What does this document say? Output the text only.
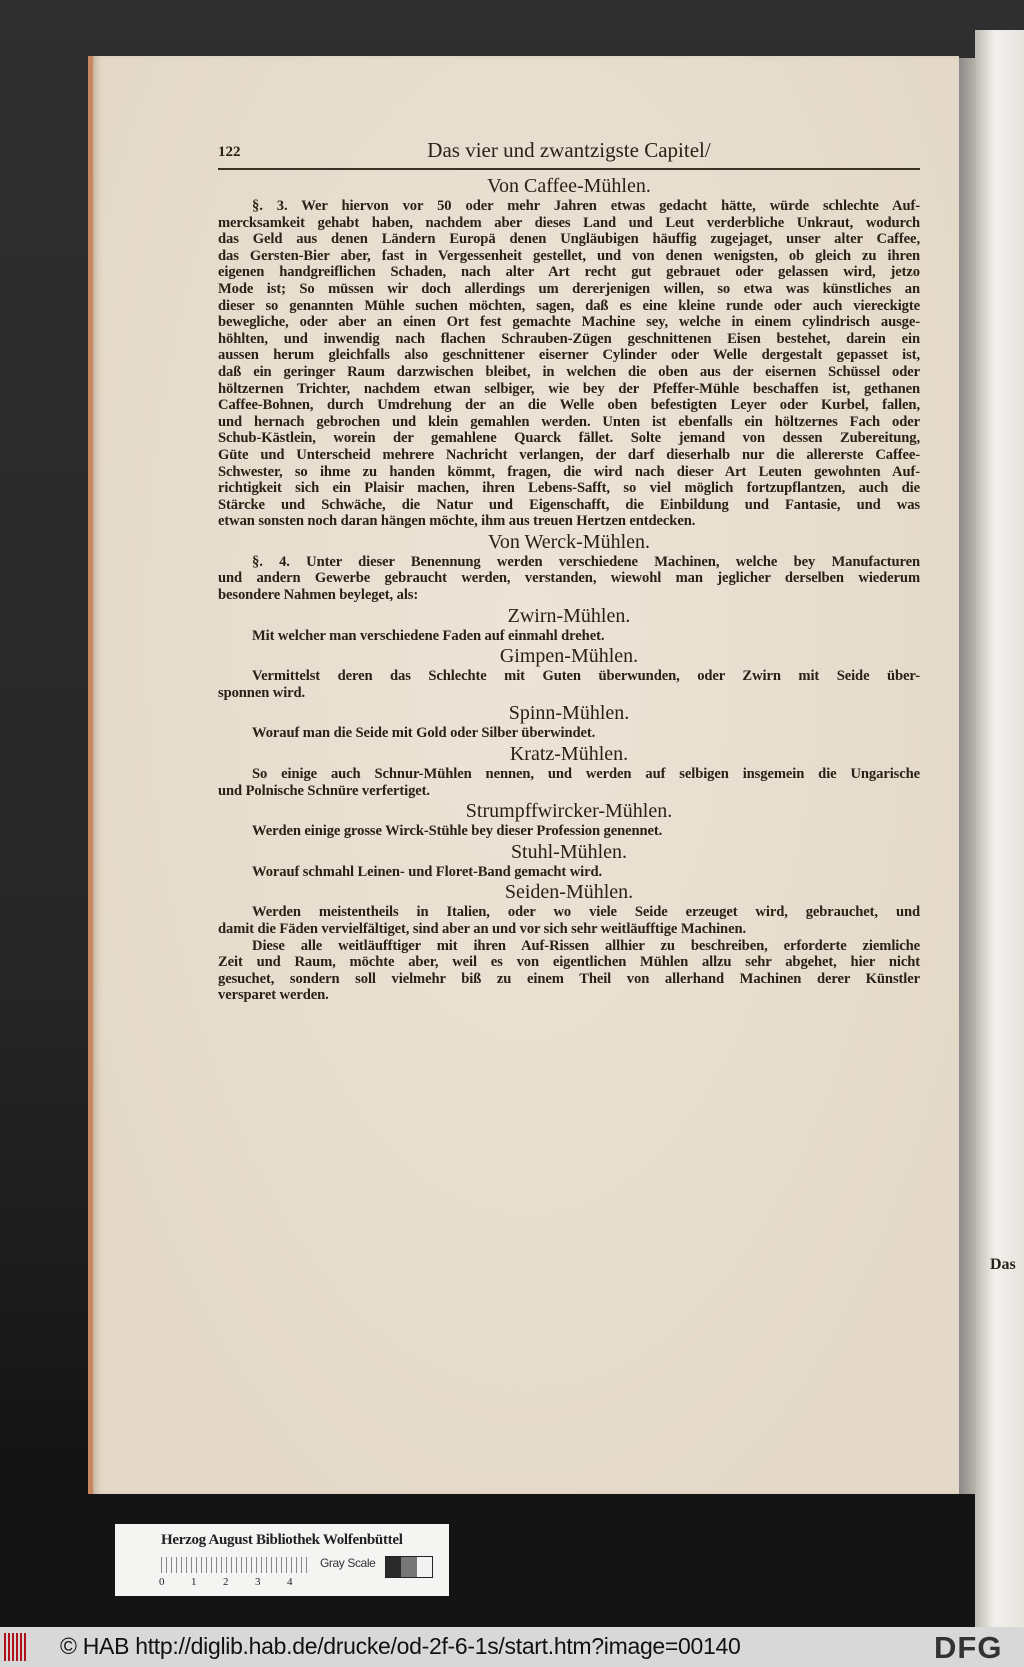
122	Das vier und zwantzigste Capitel/
Von Caffee-Mühlen.
§. 3. Wer hiervon vor 50 oder mehr Jahren etwas gedacht hätte, würde schlechte Auf-
mercksamkeit gehabt haben, nachdem aber dieses Land und Leut verderbliche Unkraut, wodurch
das Geld aus denen Ländern Europä denen Ungläubigen häuffig zugejaget, unser alter Caffee,
das Gersten-Bier aber, fast in Vergessenheit gestellet, und von denen wenigsten, ob gleich zu ihren
eigenen handgreiflichen Schaden, nach alter Art recht gut gebrauet oder gelassen wird, jetzo
Mode ist; So müssen wir doch allerdings um dererjenigen willen, so etwa was künstliches an
dieser so genannten Mühle suchen möchten, sagen, daß es eine kleine runde oder auch viereckigte
bewegliche, oder aber an einen Ort fest gemachte Machine sey, welche in einem cylindrisch ausge-
höhlten, und inwendig nach flachen Schrauben-Zügen geschnittenen Eisen bestehet, darein ein
aussen herum gleichfalls also geschnittener eiserner Cylinder oder Welle dergestalt gepasset ist,
daß ein geringer Raum darzwischen bleibet, in welchen die oben aus der eisernen Schüssel oder
höltzernen Trichter, nachdem etwan selbiger, wie bey der Pfeffer-Mühle beschaffen ist, gethanen
Caffee-Bohnen, durch Umdrehung der an die Welle oben befestigten Leyer oder Kurbel, fallen,
und hernach gebrochen und klein gemahlen werden. Unten ist ebenfalls ein höltzernes Fach oder
Schub-Kästlein, worein der gemahlene Quarck fället. Solte jemand von dessen Zubereitung,
Güte und Unterscheid mehrere Nachricht verlangen, der darf dieserhalb nur die allererste Caffee-
Schwester, so ihme zu handen kömmt, fragen, die wird nach dieser Art Leuten gewohnten Auf-
richtigkeit sich ein Plaisir machen, ihren Lebens-Safft, so viel möglich fortzupflantzen, auch die
Stärcke und Schwäche, die Natur und Eigenschafft, die Einbildung und Fantasie, und was
etwan sonsten noch daran hängen möchte, ihm aus treuen Hertzen entdecken.
Von Werck-Mühlen.
§. 4. Unter dieser Benennung werden verschiedene Machinen, welche bey Manufacturen
und andern Gewerbe gebraucht werden, verstanden, wiewohl man jeglicher derselben wiederum
besondere Nahmen beyleget, als:
Zwirn-Mühlen.
Mit welcher man verschiedene Faden auf einmahl drehet.
Gimpen-Mühlen.
Vermittelst deren das Schlechte mit Guten überwunden, oder Zwirn mit Seide über-
sponnen wird.
Spinn-Mühlen.
Worauf man die Seide mit Gold oder Silber überwindet.
Kratz-Mühlen.
So einige auch Schnur-Mühlen nennen, und werden auf selbigen insgemein die Ungarische
und Polnische Schnüre verfertiget.
Strumpffwircker-Mühlen.
Werden einige grosse Wirck-Stühle bey dieser Profession genennet.
Stuhl-Mühlen.
Worauf schmahl Leinen- und Floret-Band gemacht wird.
Seiden-Mühlen.
Werden meistentheils in Italien, oder wo viele Seide erzeuget wird, gebrauchet, und
damit die Fäden vervielfältiget, sind aber an und vor sich sehr weitläufftige Machinen.
Diese alle weitläufftiger mit ihren Auf-Rissen allhier zu beschreiben, erforderte ziemliche
Zeit und Raum, möchte aber, weil es von eigentlichen Mühlen allzu sehr abgehet, hier nicht
gesuchet, sondern soll vielmehr biß zu einem Theil von allerhand Machinen derer Künstler
versparet werden.
Das
Herzog August Bibliothek Wolfenbüttel
0	1	2	3	4
Gray Scale
© HAB http://diglib.hab.de/drucke/od-2f-6-1s/start.htm?image=00140	DFG
